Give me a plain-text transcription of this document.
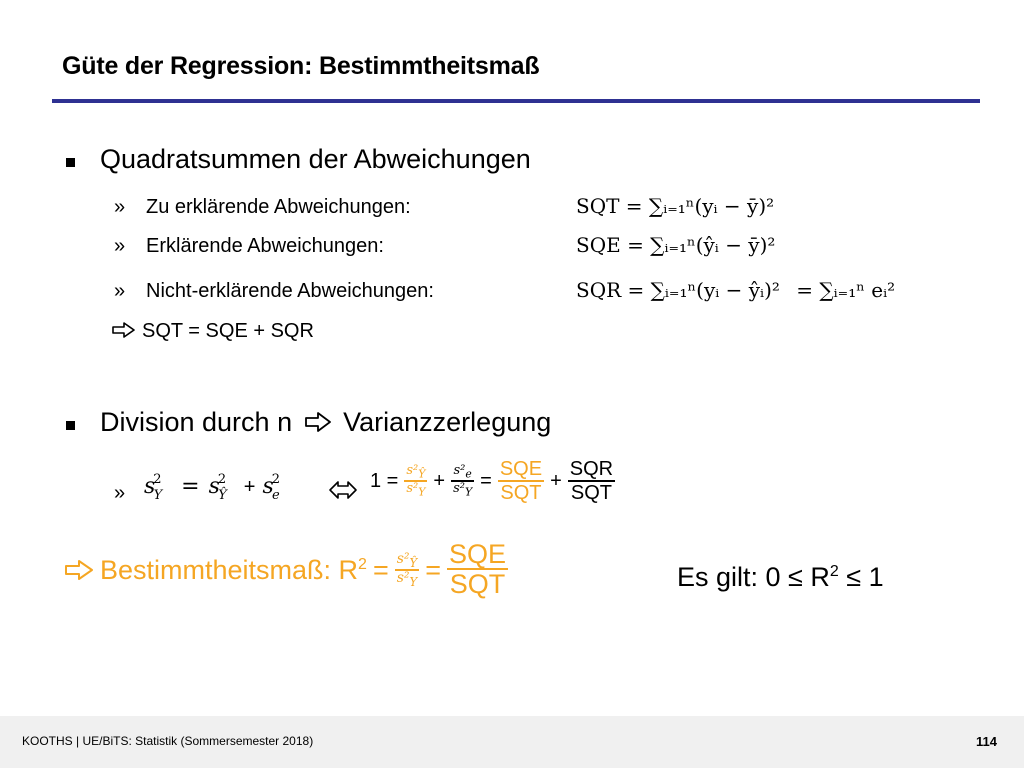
Güte der Regression: Bestimmtheitsmaß
Quadratsummen der Abweichungen
» Zu erklärende Abweichungen:	SQT = ∑ᵢ₌₁ⁿ(yᵢ − ȳ)²
» Erklärende Abweichungen:	SQE = ∑ᵢ₌₁ⁿ(ŷᵢ − ȳ)²
» Nicht-erklärende Abweichungen:	SQR = ∑ᵢ₌₁ⁿ(yᵢ − ŷᵢ)² = ∑ᵢ₌₁ⁿ eᵢ²
SQT = SQE + SQR
Division durch n Varianzzerlegung
» $s^2_Y = s^2_Ŷ + s^2_e$
$1 = \frac{s^2_Ŷ}{s^2_Y} + \frac{s^2_e}{s^2_Y} = \frac{\text{SQE}}{\text{SQT}} + \frac{\text{SQR}}{\text{SQT}}$
Bestimmtheitsmaß: $R^2 = \frac{s^2_Ŷ}{s^2_Y} = \frac{\text{SQE}}{\text{SQT}}$	Es gilt: $0 \le R^2 \le 1$
KOOTHS | UE/BiTS: Statistik (Sommersemester 2018)	114
